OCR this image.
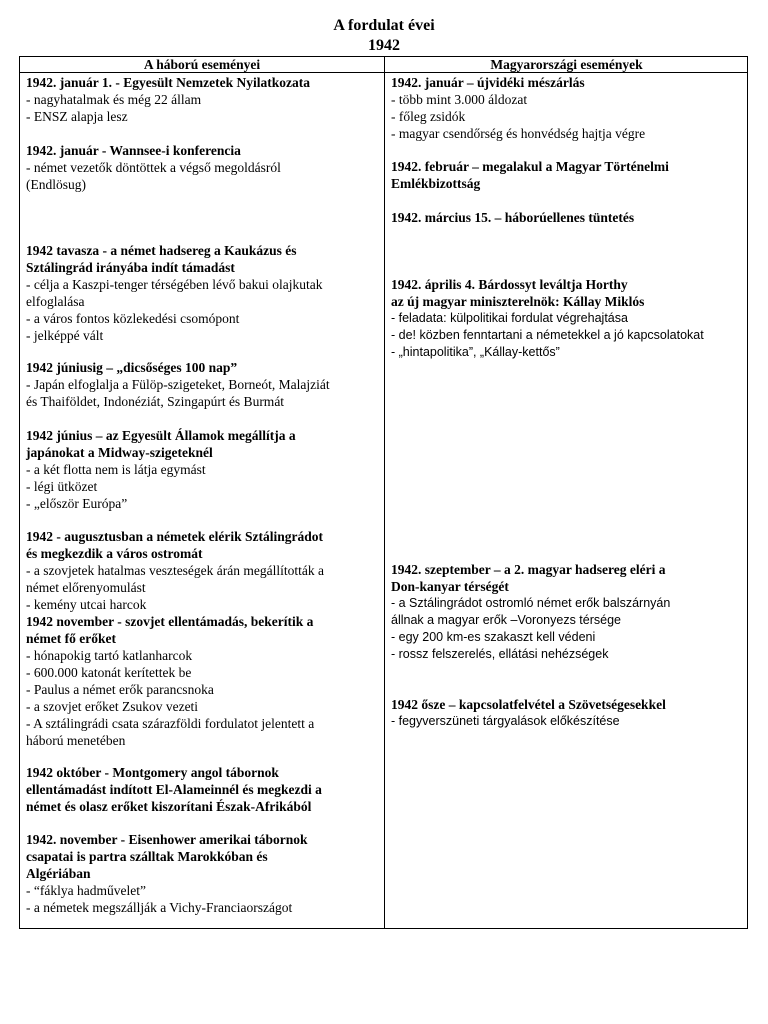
A fordulat évei
1942
A háború eseményei	Magyarországi események
1942. január 1. - Egyesült Nemzetek Nyilatkozata
- nagyhatalmak és még 22 állam
- ENSZ alapja lesz
1942. január - Wannsee-i konferencia
- német vezetők döntöttek a végső megoldásról
(Endlösug)
1942 tavasza - a német hadsereg a Kaukázus és
Sztálingrád irányába indít támadást
- célja a Kaszpi-tenger térségében lévő bakui olajkutak
elfoglalása
- a város fontos közlekedési csomópont
- jelképpé vált
1942 júniusig – „dicsőséges 100 nap”
- Japán elfoglalja a Fülöp-szigeteket, Borneót, Malajziát
és Thaiföldet, Indonéziát, Szingapúrt és Burmát
1942 június – az Egyesült Államok megállítja a
japánokat a Midway-szigeteknél
- a két flotta nem is látja egymást
- légi ütközet
- „először Európa”
1942 - augusztusban a németek elérik Sztálingrádot
és megkezdik a város ostromát
- a szovjetek hatalmas veszteségek árán megállították a
német előrenyomulást
- kemény utcai harcok
1942 november - szovjet ellentámadás, bekerítik a
német fő erőket
- hónapokig tartó katlanharcok
- 600.000 katonát kerítettek be
- Paulus a német erők parancsnoka
- a szovjet erőket Zsukov vezeti
- A sztálingrádi csata szárazföldi fordulatot jelentett a
háború menetében
1942 október - Montgomery angol tábornok
ellentámadást indított El-Alameinnél és megkezdi a
német és olasz erőket kiszorítani Észak-Afrikából
1942. november - Eisenhower amerikai tábornok
csapatai is partra szálltak Marokkóban és
Algériában
- “fáklya hadművelet”
- a németek megszállják a Vichy-Franciaországot
1942. január – újvidéki mészárlás
- több mint 3.000 áldozat
- főleg zsidók
- magyar csendőrség és honvédség hajtja végre
1942. február – megalakul a Magyar Történelmi
Emlékbizottság
1942. március 15. – háborúellenes tüntetés
1942. április 4. Bárdossyt leváltja Horthy
az új magyar miniszterelnök: Kállay Miklós
- feladata: külpolitikai fordulat végrehajtása
- de! közben fenntartani a németekkel a jó kapcsolatokat
- „hintapolitika”, „Kállay-kettős”
1942. szeptember – a 2. magyar hadsereg eléri a
Don-kanyar térségét
- a Sztálingrádot ostromló német erők balszárnyán
állnak a magyar erők –Voronyezs térsége
- egy 200 km-es szakaszt kell védeni
- rossz felszerelés, ellátási nehézségek
1942 ősze – kapcsolatfelvétel a Szövetségesekkel
- fegyverszüneti tárgyalások előkészítése
